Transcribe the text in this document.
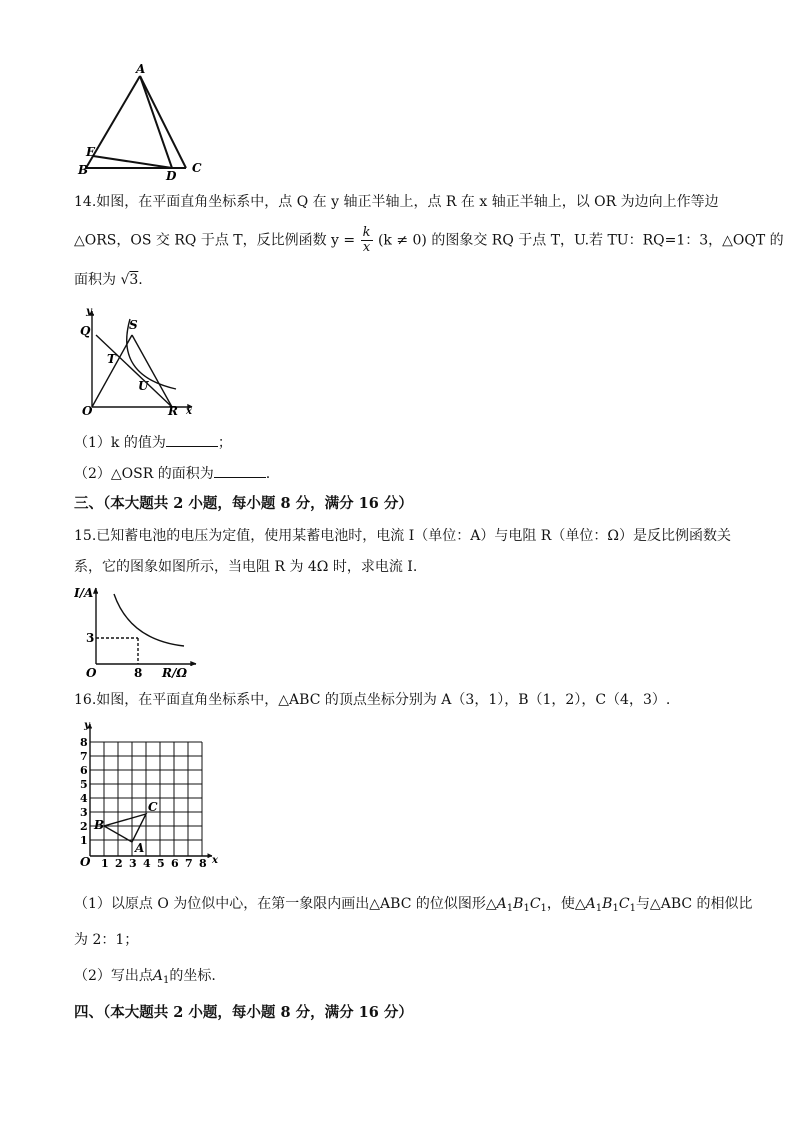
A
E
B	D
C
14.如图，在平面直角坐标系中，点 Q 在 y 轴正半轴上，点 R 在 x 轴正半轴上，以 OR 为边向上作等边
△ORS，OS 交 RQ 于点 T，反比例函数 $y = \frac{k}{x} (k \ne 0)$ 的图象交 RQ 于点 T，U.若 TU：RQ=1：3，△OQT 的
面积为 √3.
y
x
O
Q	S
T
U
R
（1）k 的值为	；
（2）△OSR 的面积为	.
三、（本大题共 2 小题，每小题 8 分，满分 16 分）
15.已知蓄电池的电压为定值，使用某蓄电池时，电流 I（单位：A）与电阻 R（单位：Ω）是反比例函数关
系，它的图象如图所示，当电阻 R 为 4Ω 时，求电流 I.
I/A
R/Ω
O
3
8
16.如图，在平面直角坐标系中，△ABC 的顶点坐标分别为 A（3，1），B（1，2），C（4，3）.
y
x
O
1
2
3
4
5
6
7
8
1 2 3 4 5 6 7 8
A
B
C
（1）以原点 O 为位似中心，在第一象限内画出△ABC 的位似图形$\triangle A_1B_1C_1$，使$\triangle A_1B_1C_1$与△ABC 的相似比
为 2：1；
（2）写出点$A_1$的坐标.
四、（本大题共 2 小题，每小题 8 分，满分 16 分）
